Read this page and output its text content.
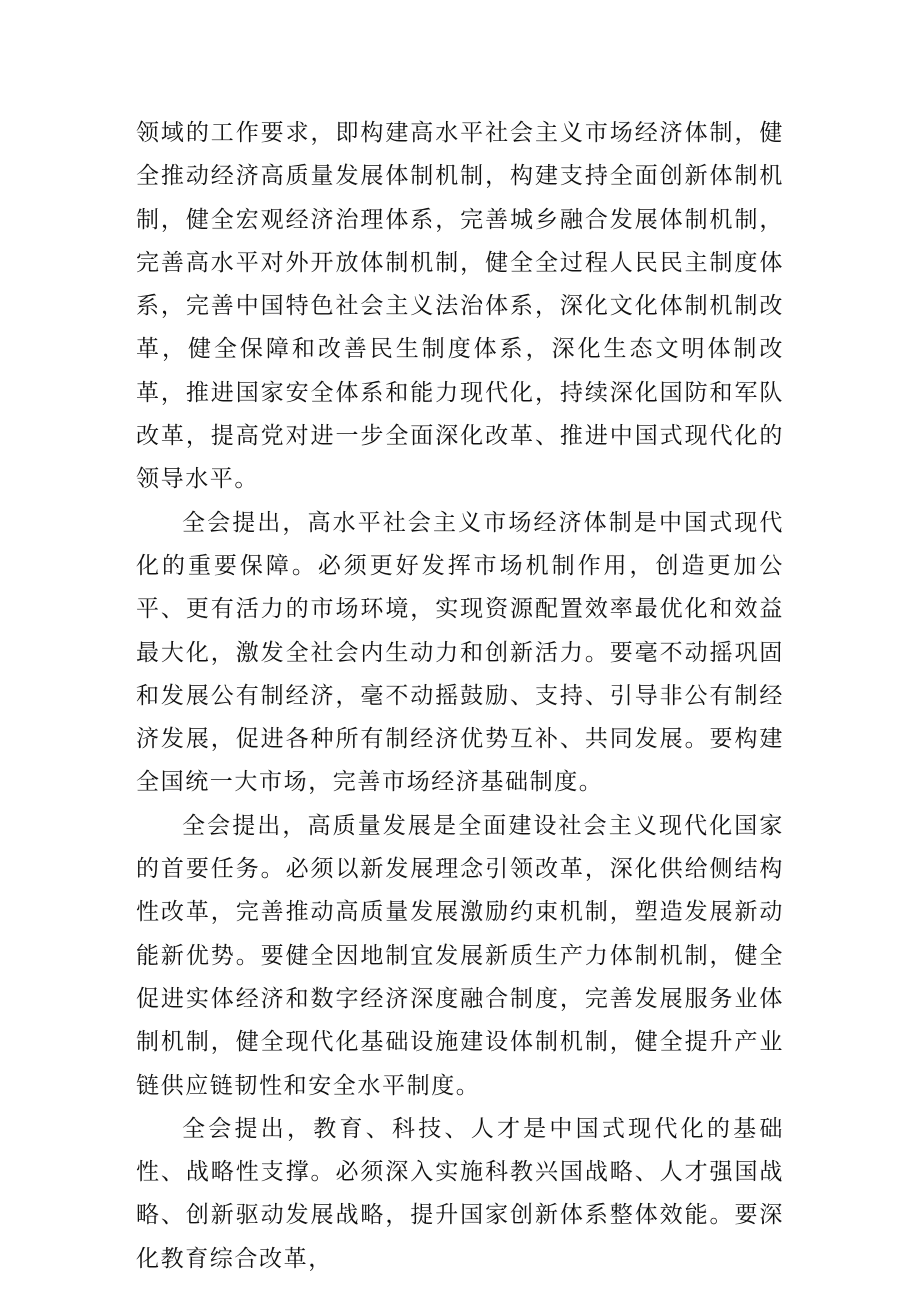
领域的工作要求，即构建高水平社会主义市场经济体制，健全推动经济高质量发展体制机制，构建支持全面创新体制机制，健全宏观经济治理体系，完善城乡融合发展体制机制，完善高水平对外开放体制机制，健全全过程人民民主制度体系，完善中国特色社会主义法治体系，深化文化体制机制改革，健全保障和改善民生制度体系，深化生态文明体制改革，推进国家安全体系和能力现代化，持续深化国防和军队改革，提高党对进一步全面深化改革、推进中国式现代化的领导水平。

全会提出，高水平社会主义市场经济体制是中国式现代化的重要保障。必须更好发挥市场机制作用，创造更加公平、更有活力的市场环境，实现资源配置效率最优化和效益最大化，激发全社会内生动力和创新活力。要毫不动摇巩固和发展公有制经济，毫不动摇鼓励、支持、引导非公有制经济发展，促进各种所有制经济优势互补、共同发展。要构建全国统一大市场，完善市场经济基础制度。

全会提出，高质量发展是全面建设社会主义现代化国家的首要任务。必须以新发展理念引领改革，深化供给侧结构性改革，完善推动高质量发展激励约束机制，塑造发展新动能新优势。要健全因地制宜发展新质生产力体制机制，健全促进实体经济和数字经济深度融合制度，完善发展服务业体制机制，健全现代化基础设施建设体制机制，健全提升产业链供应链韧性和安全水平制度。

全会提出，教育、科技、人才是中国式现代化的基础性、战略性支撑。必须深入实施科教兴国战略、人才强国战略、创新驱动发展战略，提升国家创新体系整体效能。要深化教育综合改革，
